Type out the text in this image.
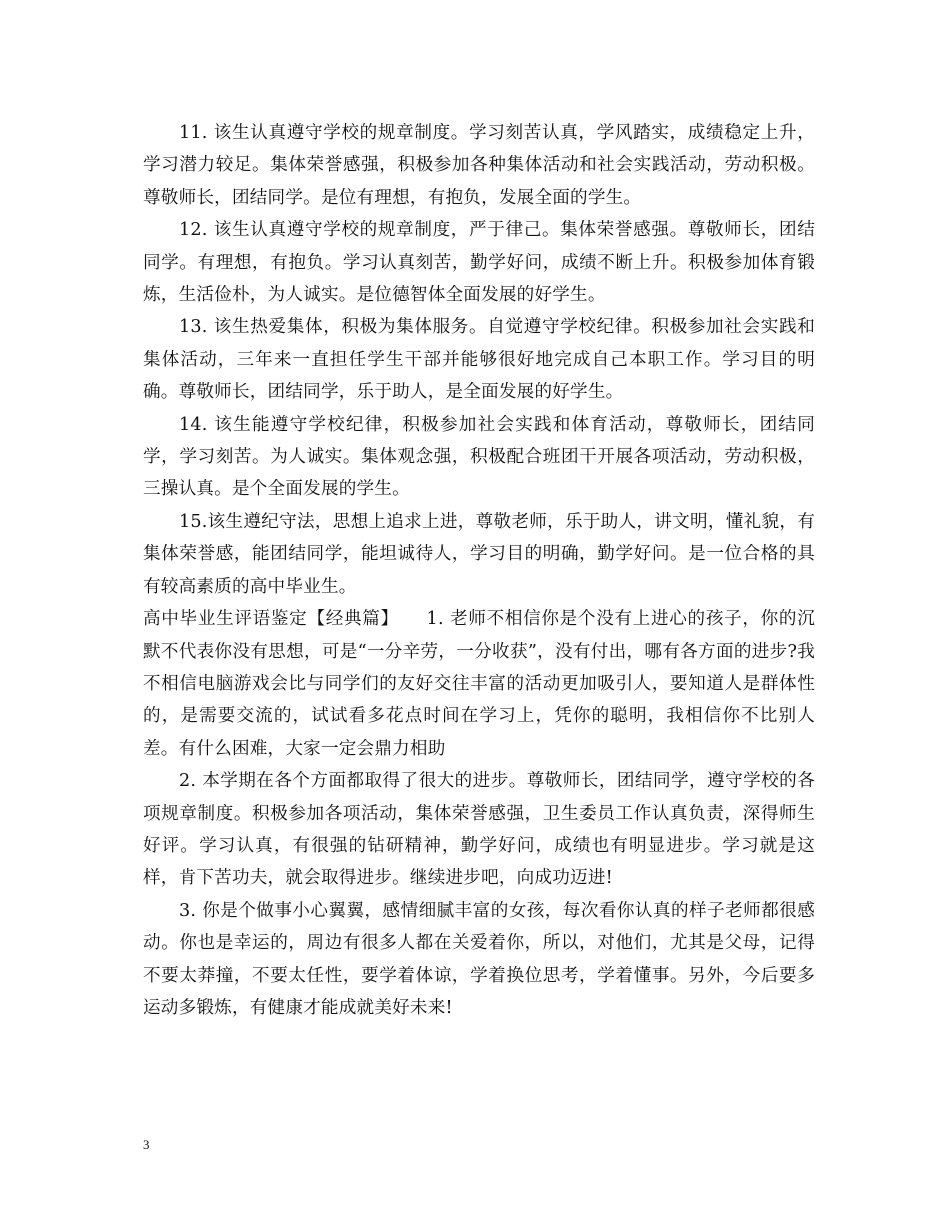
11. 该生认真遵守学校的规章制度。学习刻苦认真，学风踏实，成绩稳定上升，学习潜力较足。集体荣誉感强，积极参加各种集体活动和社会实践活动，劳动积极。尊敬师长，团结同学。是位有理想，有抱负，发展全面的学生。

12. 该生认真遵守学校的规章制度，严于律己。集体荣誉感强。尊敬师长，团结同学。有理想，有抱负。学习认真刻苦，勤学好问，成绩不断上升。积极参加体育锻炼，生活俭朴，为人诚实。是位德智体全面发展的好学生。

13. 该生热爱集体，积极为集体服务。自觉遵守学校纪律。积极参加社会实践和集体活动，三年来一直担任学生干部并能够很好地完成自己本职工作。学习目的明确。尊敬师长，团结同学，乐于助人，是全面发展的好学生。

14. 该生能遵守学校纪律，积极参加社会实践和体育活动，尊敬师长，团结同学，学习刻苦。为人诚实。集体观念强，积极配合班团干开展各项活动，劳动积极，三操认真。是个全面发展的学生。

15.该生遵纪守法，思想上追求上进，尊敬老师，乐于助人，讲文明，懂礼貌，有集体荣誉感，能团结同学，能坦诚待人，学习目的明确，勤学好问。是一位合格的具有较高素质的高中毕业生。

高中毕业生评语鉴定【经典篇】　　1. 老师不相信你是个没有上进心的孩子，你的沉默不代表你没有思想，可是“一分辛劳，一分收获”，没有付出，哪有各方面的进步?我不相信电脑游戏会比与同学们的友好交往丰富的活动更加吸引人，要知道人是群体性的，是需要交流的，试试看多花点时间在学习上，凭你的聪明，我相信你不比别人差。有什么困难，大家一定会鼎力相助

2. 本学期在各个方面都取得了很大的进步。尊敬师长，团结同学，遵守学校的各项规章制度。积极参加各项活动，集体荣誉感强，卫生委员工作认真负责，深得师生好评。学习认真，有很强的钻研精神，勤学好问，成绩也有明显进步。学习就是这样，肯下苦功夫，就会取得进步。继续进步吧，向成功迈进!

3. 你是个做事小心翼翼，感情细腻丰富的女孩，每次看你认真的样子老师都很感动。你也是幸运的，周边有很多人都在关爱着你，所以，对他们，尤其是父母，记得不要太莽撞，不要太任性，要学着体谅，学着换位思考，学着懂事。另外，今后要多运动多锻炼，有健康才能成就美好未来!

3
